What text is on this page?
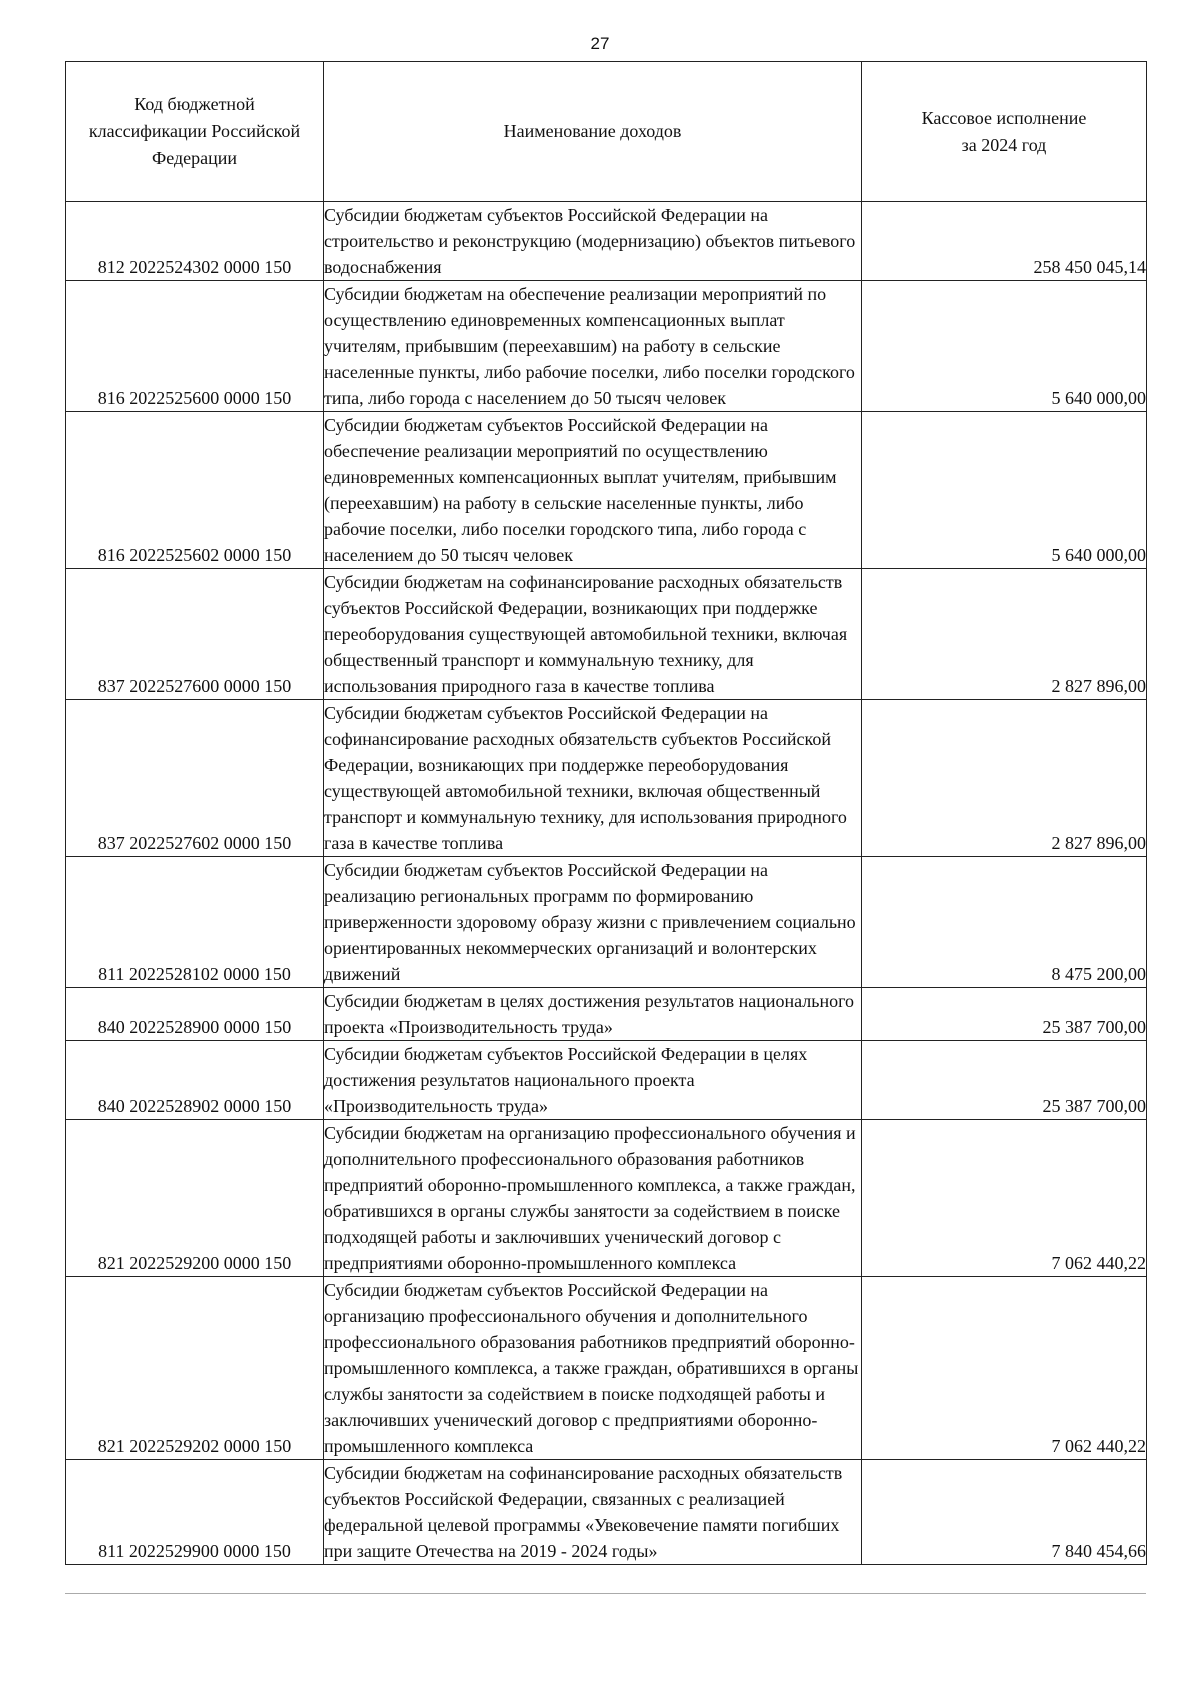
27
Код бюджетной классификации Российской Федерации	Наименование доходов	Кассовое исполнение за 2024 год
812 2022524302 0000 150	Субсидии бюджетам субъектов Российской Федерации на строительство и реконструкцию (модернизацию) объектов питьевого водоснабжения	258 450 045,14
816 2022525600 0000 150	Субсидии бюджетам на обеспечение реализации мероприятий по осуществлению единовременных компенсационных выплат учителям, прибывшим (переехавшим) на работу в сельские населенные пункты, либо рабочие поселки, либо поселки городского типа, либо города с населением до 50 тысяч человек	5 640 000,00
816 2022525602 0000 150	Субсидии бюджетам субъектов Российской Федерации на обеспечение реализации мероприятий по осуществлению единовременных компенсационных выплат учителям, прибывшим (переехавшим) на работу в сельские населенные пункты, либо рабочие поселки, либо поселки городского типа, либо города с населением до 50 тысяч человек	5 640 000,00
837 2022527600 0000 150	Субсидии бюджетам на софинансирование расходных обязательств субъектов Российской Федерации, возникающих при поддержке переоборудования существующей автомобильной техники, включая общественный транспорт и коммунальную технику, для использования природного газа в качестве топлива	2 827 896,00
837 2022527602 0000 150	Субсидии бюджетам субъектов Российской Федерации на софинансирование расходных обязательств субъектов Российской Федерации, возникающих при поддержке переоборудования существующей автомобильной техники, включая общественный транспорт и коммунальную технику, для использования природного газа в качестве топлива	2 827 896,00
811 2022528102 0000 150	Субсидии бюджетам субъектов Российской Федерации на реализацию региональных программ по формированию приверженности здоровому образу жизни с привлечением социально ориентированных некоммерческих организаций и волонтерских движений	8 475 200,00
840 2022528900 0000 150	Субсидии бюджетам в целях достижения результатов национального проекта «Производительность труда»	25 387 700,00
840 2022528902 0000 150	Субсидии бюджетам субъектов Российской Федерации в целях достижения результатов национального проекта «Производительность труда»	25 387 700,00
821 2022529200 0000 150	Субсидии бюджетам на организацию профессионального обучения и дополнительного профессионального образования работников предприятий оборонно-промышленного комплекса, а также граждан, обратившихся в органы службы занятости за содействием в поиске подходящей работы и заключивших ученический договор с предприятиями оборонно-промышленного комплекса	7 062 440,22
821 2022529202 0000 150	Субсидии бюджетам субъектов Российской Федерации на организацию профессионального обучения и дополнительного профессионального образования работников предприятий оборонно-промышленного комплекса, а также граждан, обратившихся в органы службы занятости за содействием в поиске подходящей работы и заключивших ученический договор с предприятиями оборонно-промышленного комплекса	7 062 440,22
811 2022529900 0000 150	Субсидии бюджетам на софинансирование расходных обязательств субъектов Российской Федерации, связанных с реализацией федеральной целевой программы «Увековечение памяти погибших при защите Отечества на 2019 - 2024 годы»	7 840 454,66
